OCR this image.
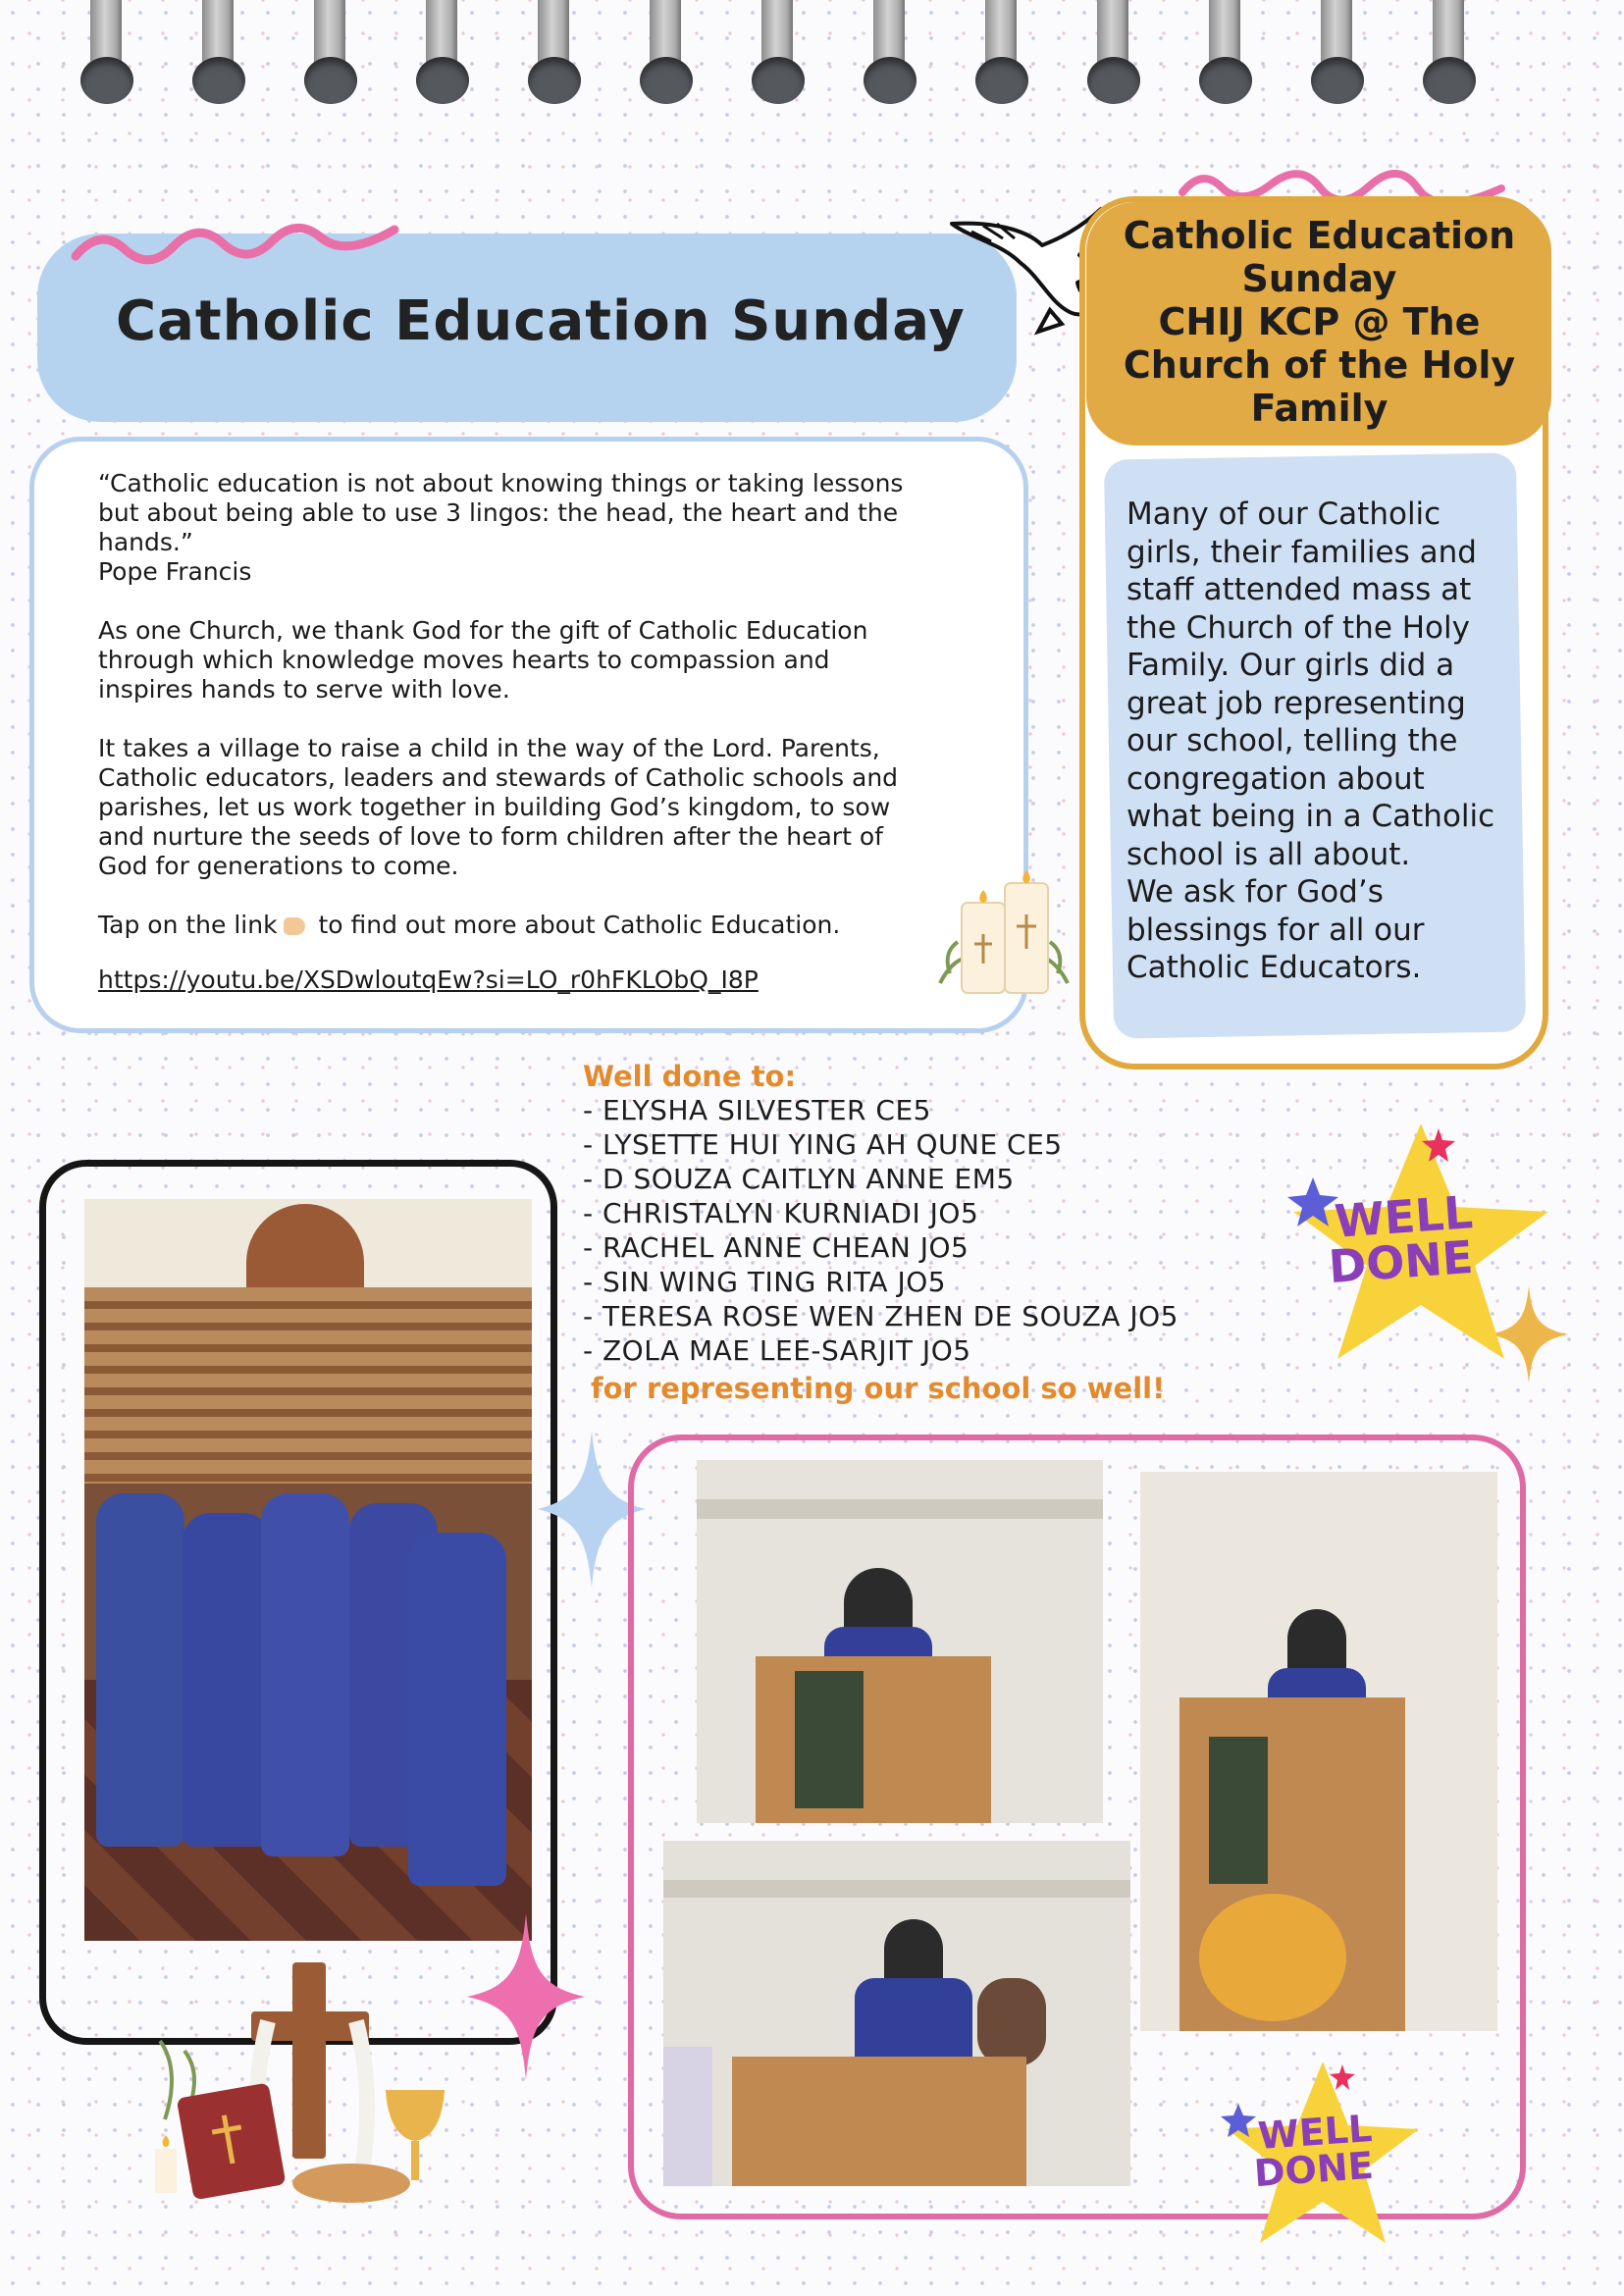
Catholic Education Sunday

“Catholic education is not about knowing things or taking lessons

but about being able to use 3 lingos: the head, the heart and the

hands.”

Pope Francis

As one Church, we thank God for the gift of Catholic Education

through which knowledge moves hearts to compassion and

inspires hands to serve with love.

It takes a village to raise a child in the way of the Lord. Parents,

Catholic educators, leaders and stewards of Catholic schools and

parishes, let us work together in building God’s kingdom, to sow

and nurture the seeds of love to form children after the heart of

God for generations to come.

Tap on the link to find out more about Catholic Education.

https://youtu.be/XSDwloutqEw?si=LO_r0hFKLObQ_I8P
Catholic Education
Sunday
CHIJ KCP @ The
Church of the Holy
Family
Many of our Catholic
girls, their families and
staff attended mass at
the Church of the Holy
Family. Our girls did a
great job representing
our school, telling the
congregation about
what being in a Catholic
school is all about.
We ask for God’s
blessings for all our
Catholic Educators.
Well done to:
- ELYSHA SILVESTER CE5
- LYSETTE HUI YING AH QUNE CE5
- D SOUZA CAITLYN ANNE EM5
- CHRISTALYN KURNIADI JO5
- RACHEL ANNE CHEAN JO5
- SIN WING TING RITA JO5
- TERESA ROSE WEN ZHEN DE SOUZA JO5
- ZOLA MAE LEE-SARJIT JO5
for representing our school so well!
WELL
DONE
WELL
DONE
